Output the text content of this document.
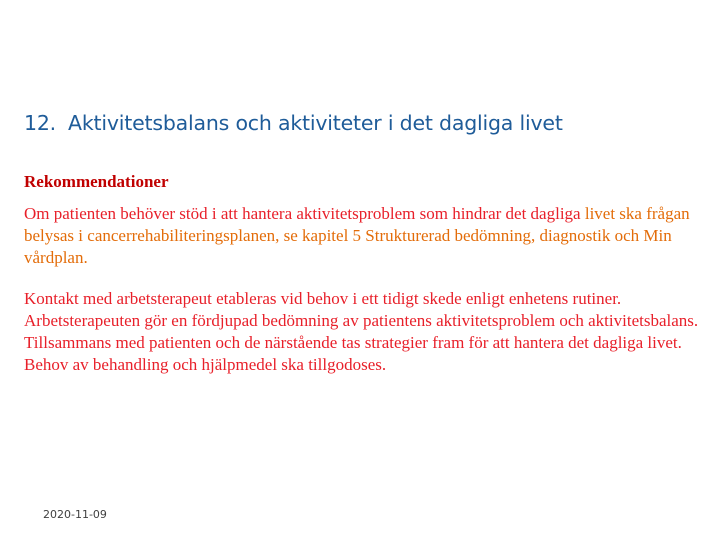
12. Aktivitetsbalans och aktiviteter i det dagliga livet
Rekommendationer

Om patienten behöver stöd i att hantera aktivitetsproblem som hindrar det dagliga livet ska frågan belysas i cancerrehabiliteringsplanen, se kapitel 5 Strukturerad bedömning, diagnostik och Min vårdplan.

Kontakt med arbetsterapeut etableras vid behov i ett tidigt skede enligt enhetens rutiner. Arbetsterapeuten gör en fördjupad bedömning av patientens aktivitetsproblem och aktivitetsbalans. Tillsammans med patienten och de närstående tas strategier fram för att hantera det dagliga livet. Behov av behandling och hjälpmedel ska tillgodoses.

2020-11-09
